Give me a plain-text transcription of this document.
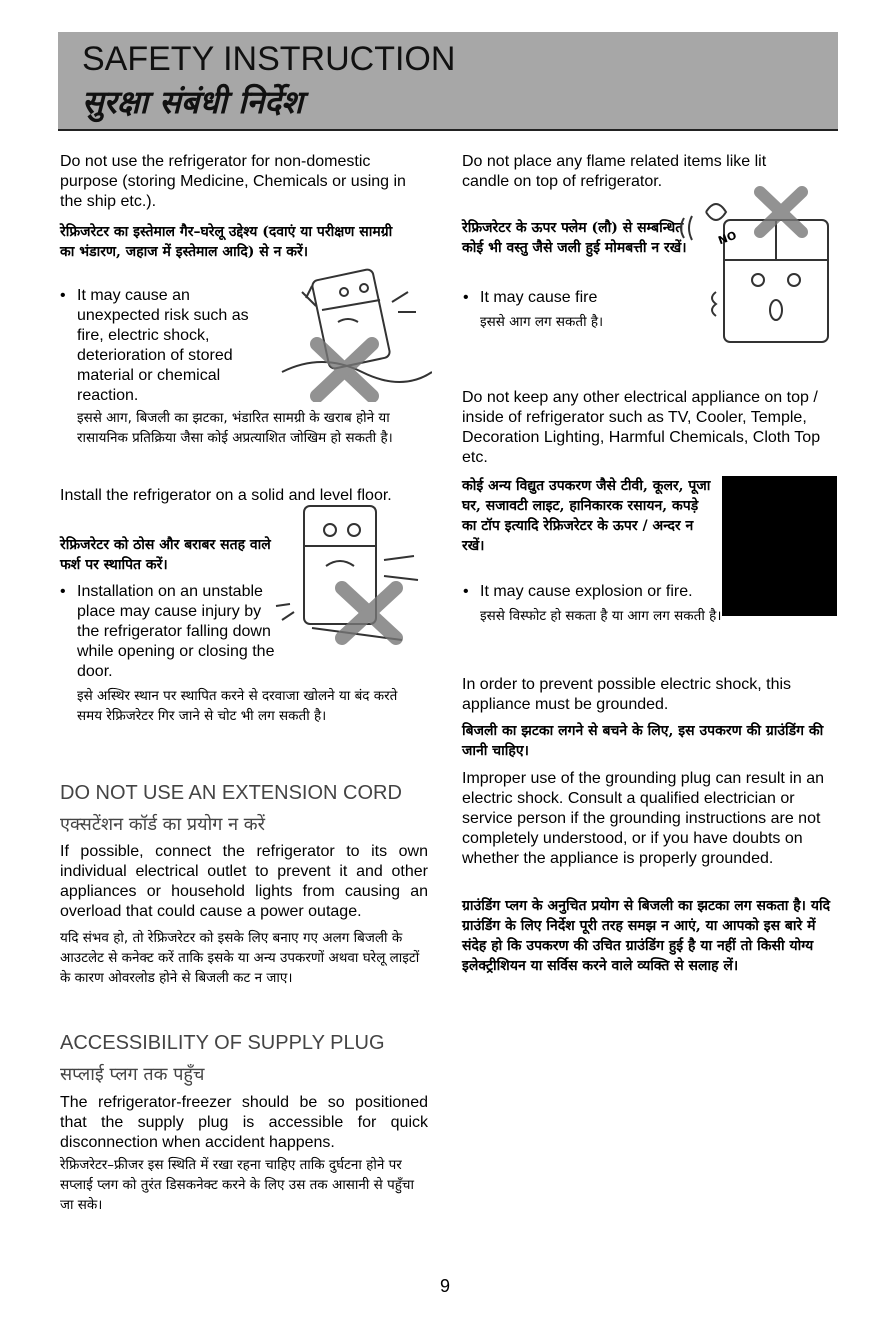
SAFETY INSTRUCTION
सुरक्षा संबंधी निर्देश
Do not use the refrigerator for non-domestic purpose (storing Medicine, Chemicals or using in the ship etc.).
रेफ्रिजरेटर का इस्तेमाल गैर–घरेलू उद्देश्य (दवाएं या परीक्षण सामग्री का भंडारण, जहाज में इस्तेमाल आदि) से न करें।
• It may cause an unexpected risk such as fire, electric shock, deterioration of stored material or chemical reaction.
इससे आग, बिजली का झटका, भंडारित सामग्री के खराब होने या रासायनिक प्रतिक्रिया जैसा कोई अप्रत्याशित जोखिम हो सकती है।
Install the refrigerator on a solid and level floor.
रेफ्रिजरेटर को ठोस और बराबर सतह वाले फर्श पर स्थापित करें।
• Installation on an unstable place may cause injury by the refrigerator falling down while opening or closing the door.
इसे अस्थिर स्थान पर स्थापित करने से दरवाजा खोलने या बंद करते समय रेफ्रिजरेटर गिर जाने से चोट भी लग सकती है।
DO NOT USE AN EXTENSION CORD
एक्सटेंशन कॉर्ड का प्रयोग न करें
If possible, connect the refrigerator to its own individual electrical outlet to prevent it and other appliances or household lights from causing an overload that could cause a power outage.
यदि संभव हो, तो रेफ्रिजरेटर को इसके लिए बनाए गए अलग बिजली के आउटलेट से कनेक्ट करें ताकि इसके या अन्य उपकरणों अथवा घरेलू लाइटों के कारण ओवरलोड होने से बिजली कट न जाए।
ACCESSIBILITY OF SUPPLY PLUG
सप्लाई प्लग तक पहुँच
The refrigerator-freezer should be so positioned that the supply plug is accessible for quick disconnection when accident happens.
रेफ्रिजरेटर–फ्रीजर इस स्थिति में रखा रहना चाहिए ताकि दुर्घटना होने पर सप्लाई प्लग को तुरंत डिसकनेक्ट करने के लिए उस तक आसानी से पहुँचा जा सके।
Do not place any flame related items like lit candle on top of refrigerator.
रेफ्रिजरेटर के ऊपर फ्लेम (लौ) से सम्बन्धित कोई भी वस्तु जैसे जली हुई मोमबत्ती न रखें।
• It may cause fire
इससे आग लग सकती है।
NO
Do not keep any other electrical appliance on top / inside of refrigerator such as TV, Cooler, Temple, Decoration Lighting, Harmful Chemicals, Cloth Top etc.
कोई अन्य विद्युत उपकरण जैसे टीवी, कूलर, पूजा घर, सजावटी लाइट, हानिकारक रसायन, कपड़े का टॉप इत्यादि रेफ्रिजरेटर के ऊपर / अन्दर न रखें।
• It may cause explosion or fire.
इससे विस्फोट हो सकता है या आग लग सकती है।
In order to prevent possible electric shock, this appliance must be grounded.
बिजली का झटका लगने से बचने के लिए, इस उपकरण की ग्राउंडिंग की जानी चाहिए।
Improper use of the grounding plug can result in an electric shock. Consult a qualified electrician or service person if the grounding instructions are not completely understood, or if you have doubts on whether the appliance is properly grounded.
ग्राउंडिंग प्लग के अनुचित प्रयोग से बिजली का झटका लग सकता है। यदि ग्राउंडिंग के लिए निर्देश पूरी तरह समझ न आएं, या आपको इस बारे में संदेह हो कि उपकरण की उचित ग्राउंडिंग हुई है या नहीं तो किसी योग्य इलेक्ट्रीशियन या सर्विस करने वाले व्यक्ति से सलाह लें।
9
